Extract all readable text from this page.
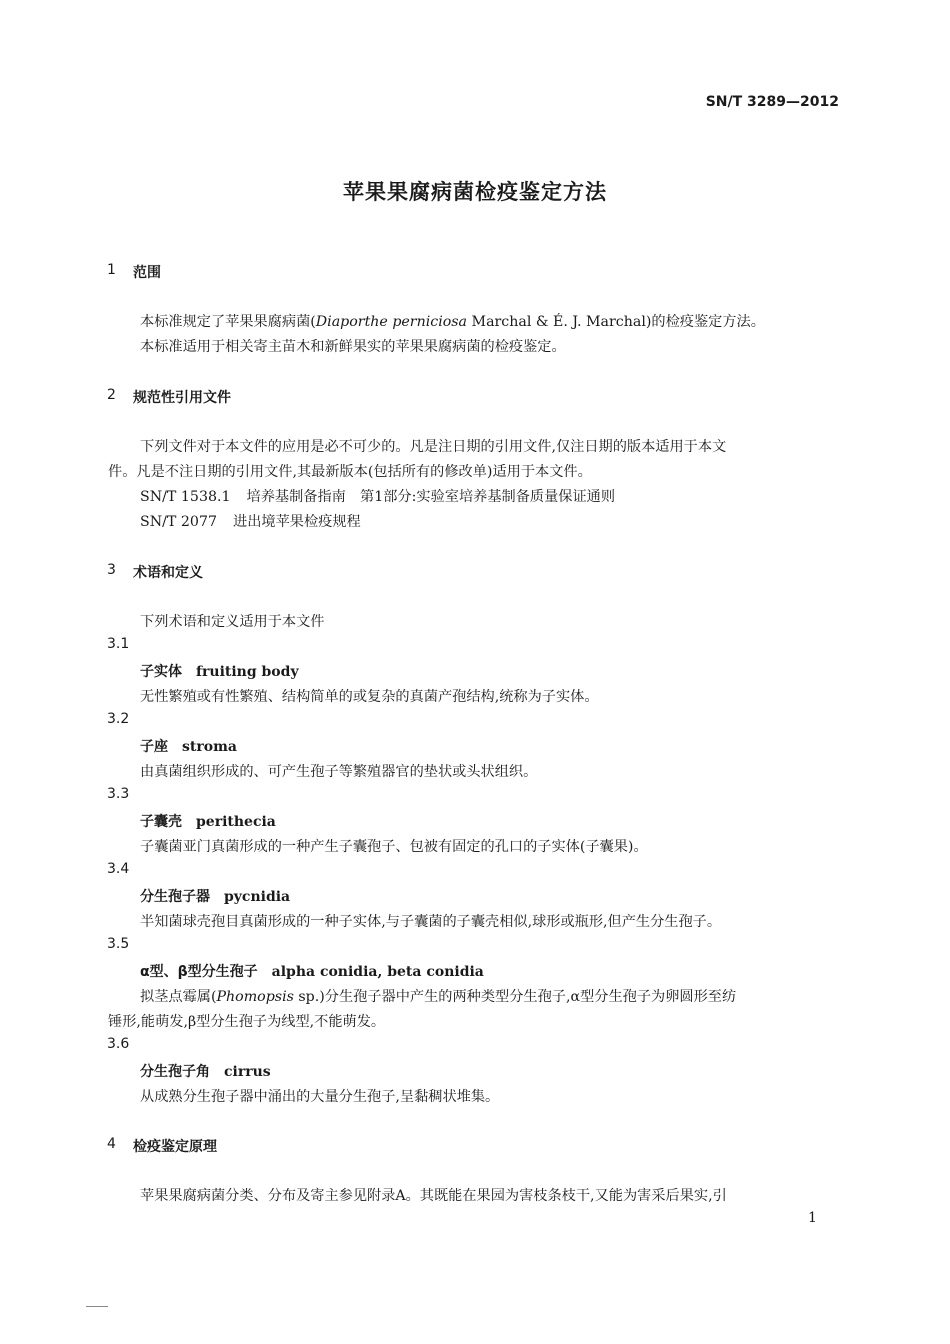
SN/T 3289—2012
苹果果腐病菌检疫鉴定方法
1 范围
本标准规定了苹果果腐病菌(Diaporthe perniciosa Marchal & É. J. Marchal)的检疫鉴定方法。
本标准适用于相关寄主苗木和新鲜果实的苹果果腐病菌的检疫鉴定。
2 规范性引用文件
下列文件对于本文件的应用是必不可少的。凡是注日期的引用文件,仅注日期的版本适用于本文
件。凡是不注日期的引用文件,其最新版本(包括所有的修改单)适用于本文件。
SN/T 1538.1 培养基制备指南　第1部分:实验室培养基制备质量保证通则
SN/T 2077 进出境苹果检疫规程
3 术语和定义
下列术语和定义适用于本文件
3.1
子实体 fruiting body
无性繁殖或有性繁殖、结构简单的或复杂的真菌产孢结构,统称为子实体。
3.2
子座 stroma
由真菌组织形成的、可产生孢子等繁殖器官的垫状或头状组织。
3.3
子囊壳 perithecia
子囊菌亚门真菌形成的一种产生子囊孢子、包被有固定的孔口的子实体(子囊果)。
3.4
分生孢子器 pycnidia
半知菌球壳孢目真菌形成的一种子实体,与子囊菌的子囊壳相似,球形或瓶形,但产生分生孢子。
3.5
α型、β型分生孢子 alpha conidia, beta conidia
拟茎点霉属(Phomopsis sp.)分生孢子器中产生的两种类型分生孢子,α型分生孢子为卵圆形至纺
锤形,能萌发,β型分生孢子为线型,不能萌发。
3.6
分生孢子角 cirrus
从成熟分生孢子器中涌出的大量分生孢子,呈黏稠状堆集。
4 检疫鉴定原理
苹果果腐病菌分类、分布及寄主参见附录A。其既能在果园为害枝条枝干,又能为害采后果实,引
1
